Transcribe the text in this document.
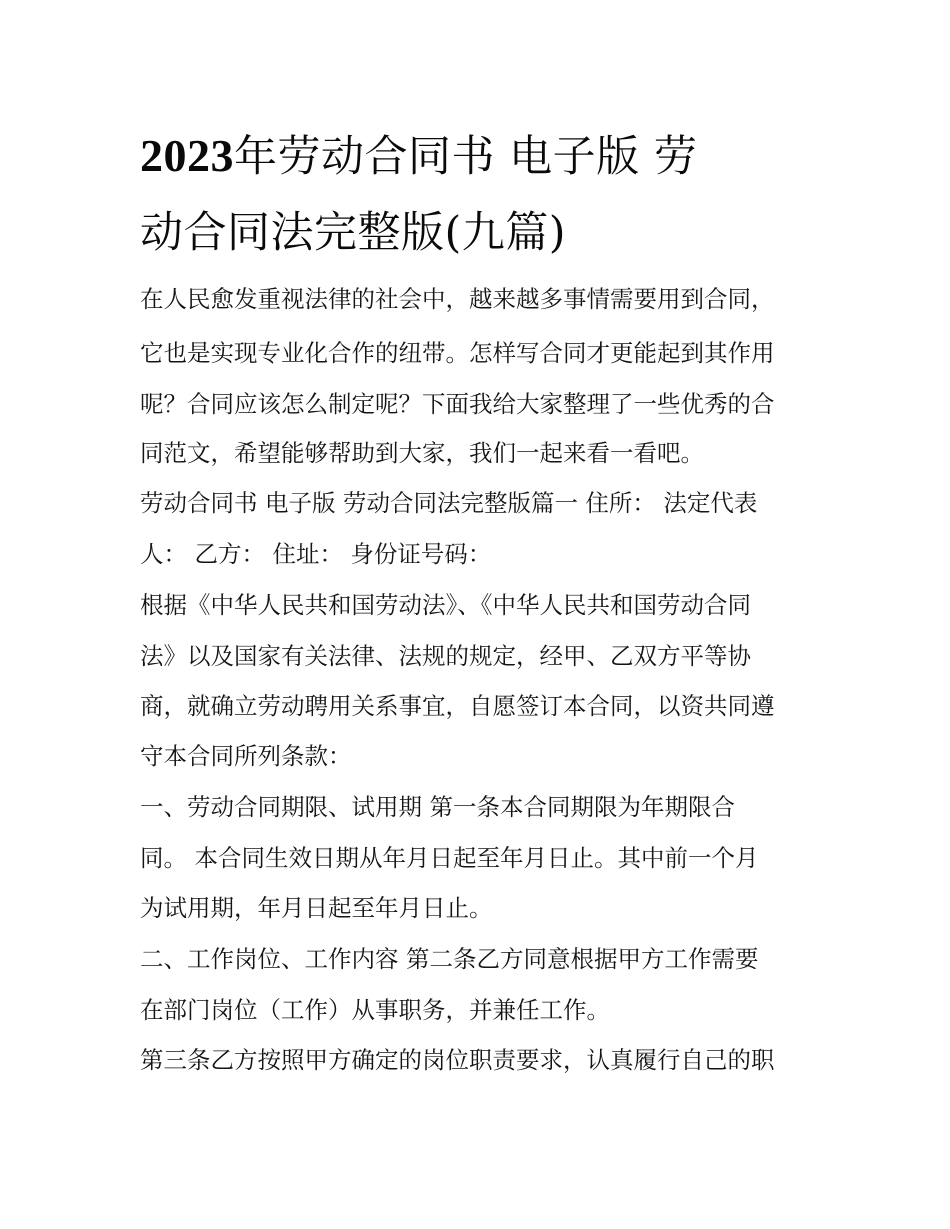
2023年劳动合同书 电子版 劳
动合同法完整版(九篇)

在人民愈发重视法律的社会中，越来越多事情需要用到合同，

它也是实现专业化合作的纽带。怎样写合同才更能起到其作用

呢？合同应该怎么制定呢？下面我给大家整理了一些优秀的合

同范文，希望能够帮助到大家，我们一起来看一看吧。

劳动合同书 电子版 劳动合同法完整版篇一 住所： 法定代表

人： 乙方： 住址： 身份证号码：

根据《中华人民共和国劳动法》、《中华人民共和国劳动合同

法》以及国家有关法律、法规的规定，经甲、乙双方平等协

商，就确立劳动聘用关系事宜，自愿签订本合同，以资共同遵

守本合同所列条款：

一、劳动合同期限、试用期 第一条本合同期限为年期限合

同。 本合同生效日期从年月日起至年月日止。其中前一个月

为试用期，年月日起至年月日止。

二、工作岗位、工作内容 第二条乙方同意根据甲方工作需要

在部门岗位（工作）从事职务，并兼任工作。

第三条乙方按照甲方确定的岗位职责要求，认真履行自己的职
